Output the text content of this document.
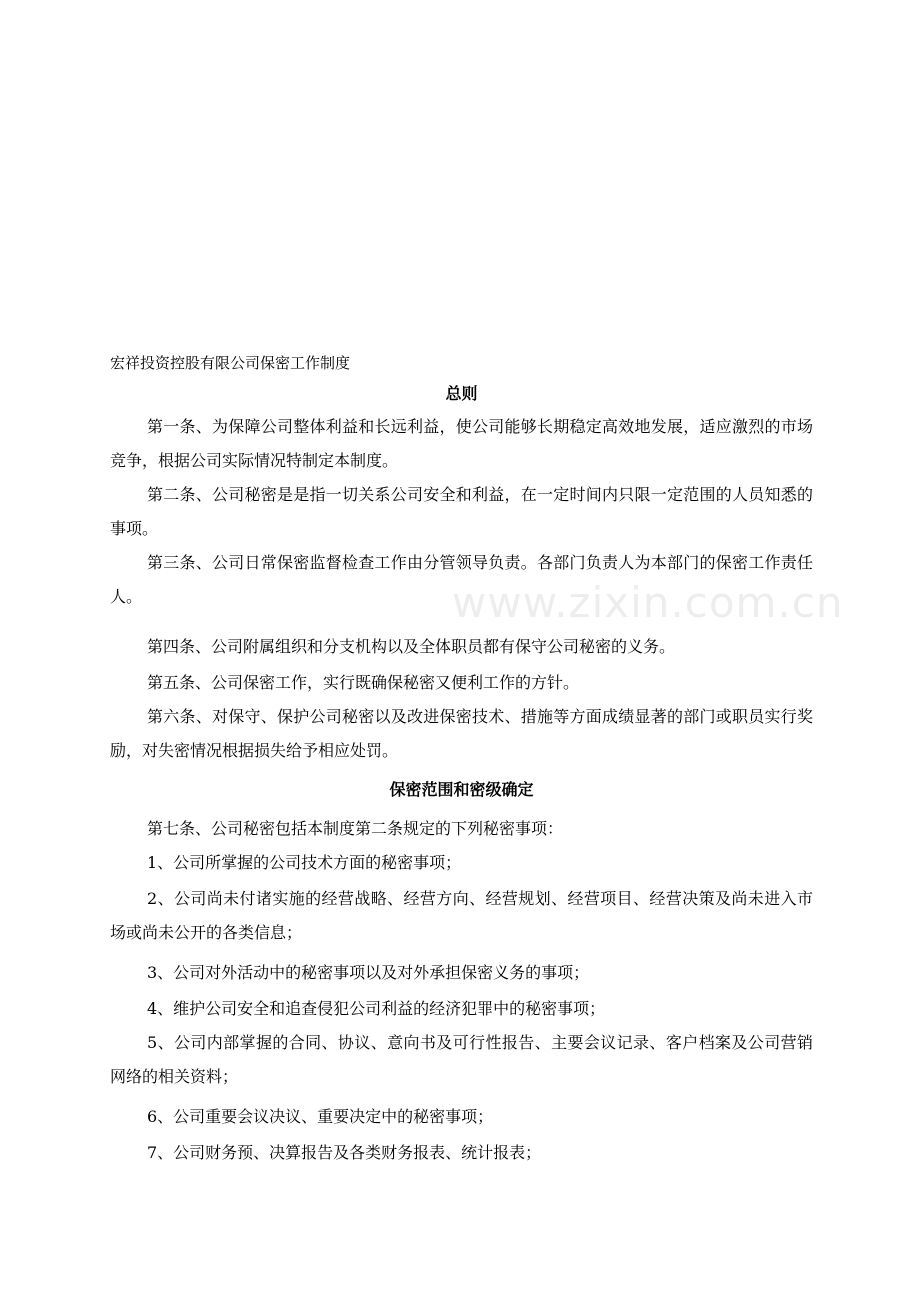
www.zixin.com.cn
宏祥投资控股有限公司保密工作制度
总则

第一条、为保障公司整体利益和长远利益，使公司能够长期稳定高效地发展，适应激烈的市场竞争，根据公司实际情况特制定本制度。

第二条、公司秘密是是指一切关系公司安全和利益，在一定时间内只限一定范围的人员知悉的事项。

第三条、公司日常保密监督检查工作由分管领导负责。各部门负责人为本部门的保密工作责任人。

第四条、公司附属组织和分支机构以及全体职员都有保守公司秘密的义务。

第五条、公司保密工作，实行既确保秘密又便利工作的方针。

第六条、对保守、保护公司秘密以及改进保密技术、措施等方面成绩显著的部门或职员实行奖励，对失密情况根据损失给予相应处罚。

保密范围和密级确定

第七条、公司秘密包括本制度第二条规定的下列秘密事项：

1、公司所掌握的公司技术方面的秘密事项；

2、公司尚未付诸实施的经营战略、经营方向、经营规划、经营项目、经营决策及尚未进入市场或尚未公开的各类信息；

3、公司对外活动中的秘密事项以及对外承担保密义务的事项；

4、维护公司安全和追查侵犯公司利益的经济犯罪中的秘密事项；

5、公司内部掌握的合同、协议、意向书及可行性报告、主要会议记录、客户档案及公司营销网络的相关资料；

6、公司重要会议决议、重要决定中的秘密事项；

7、公司财务预、决算报告及各类财务报表、统计报表；
